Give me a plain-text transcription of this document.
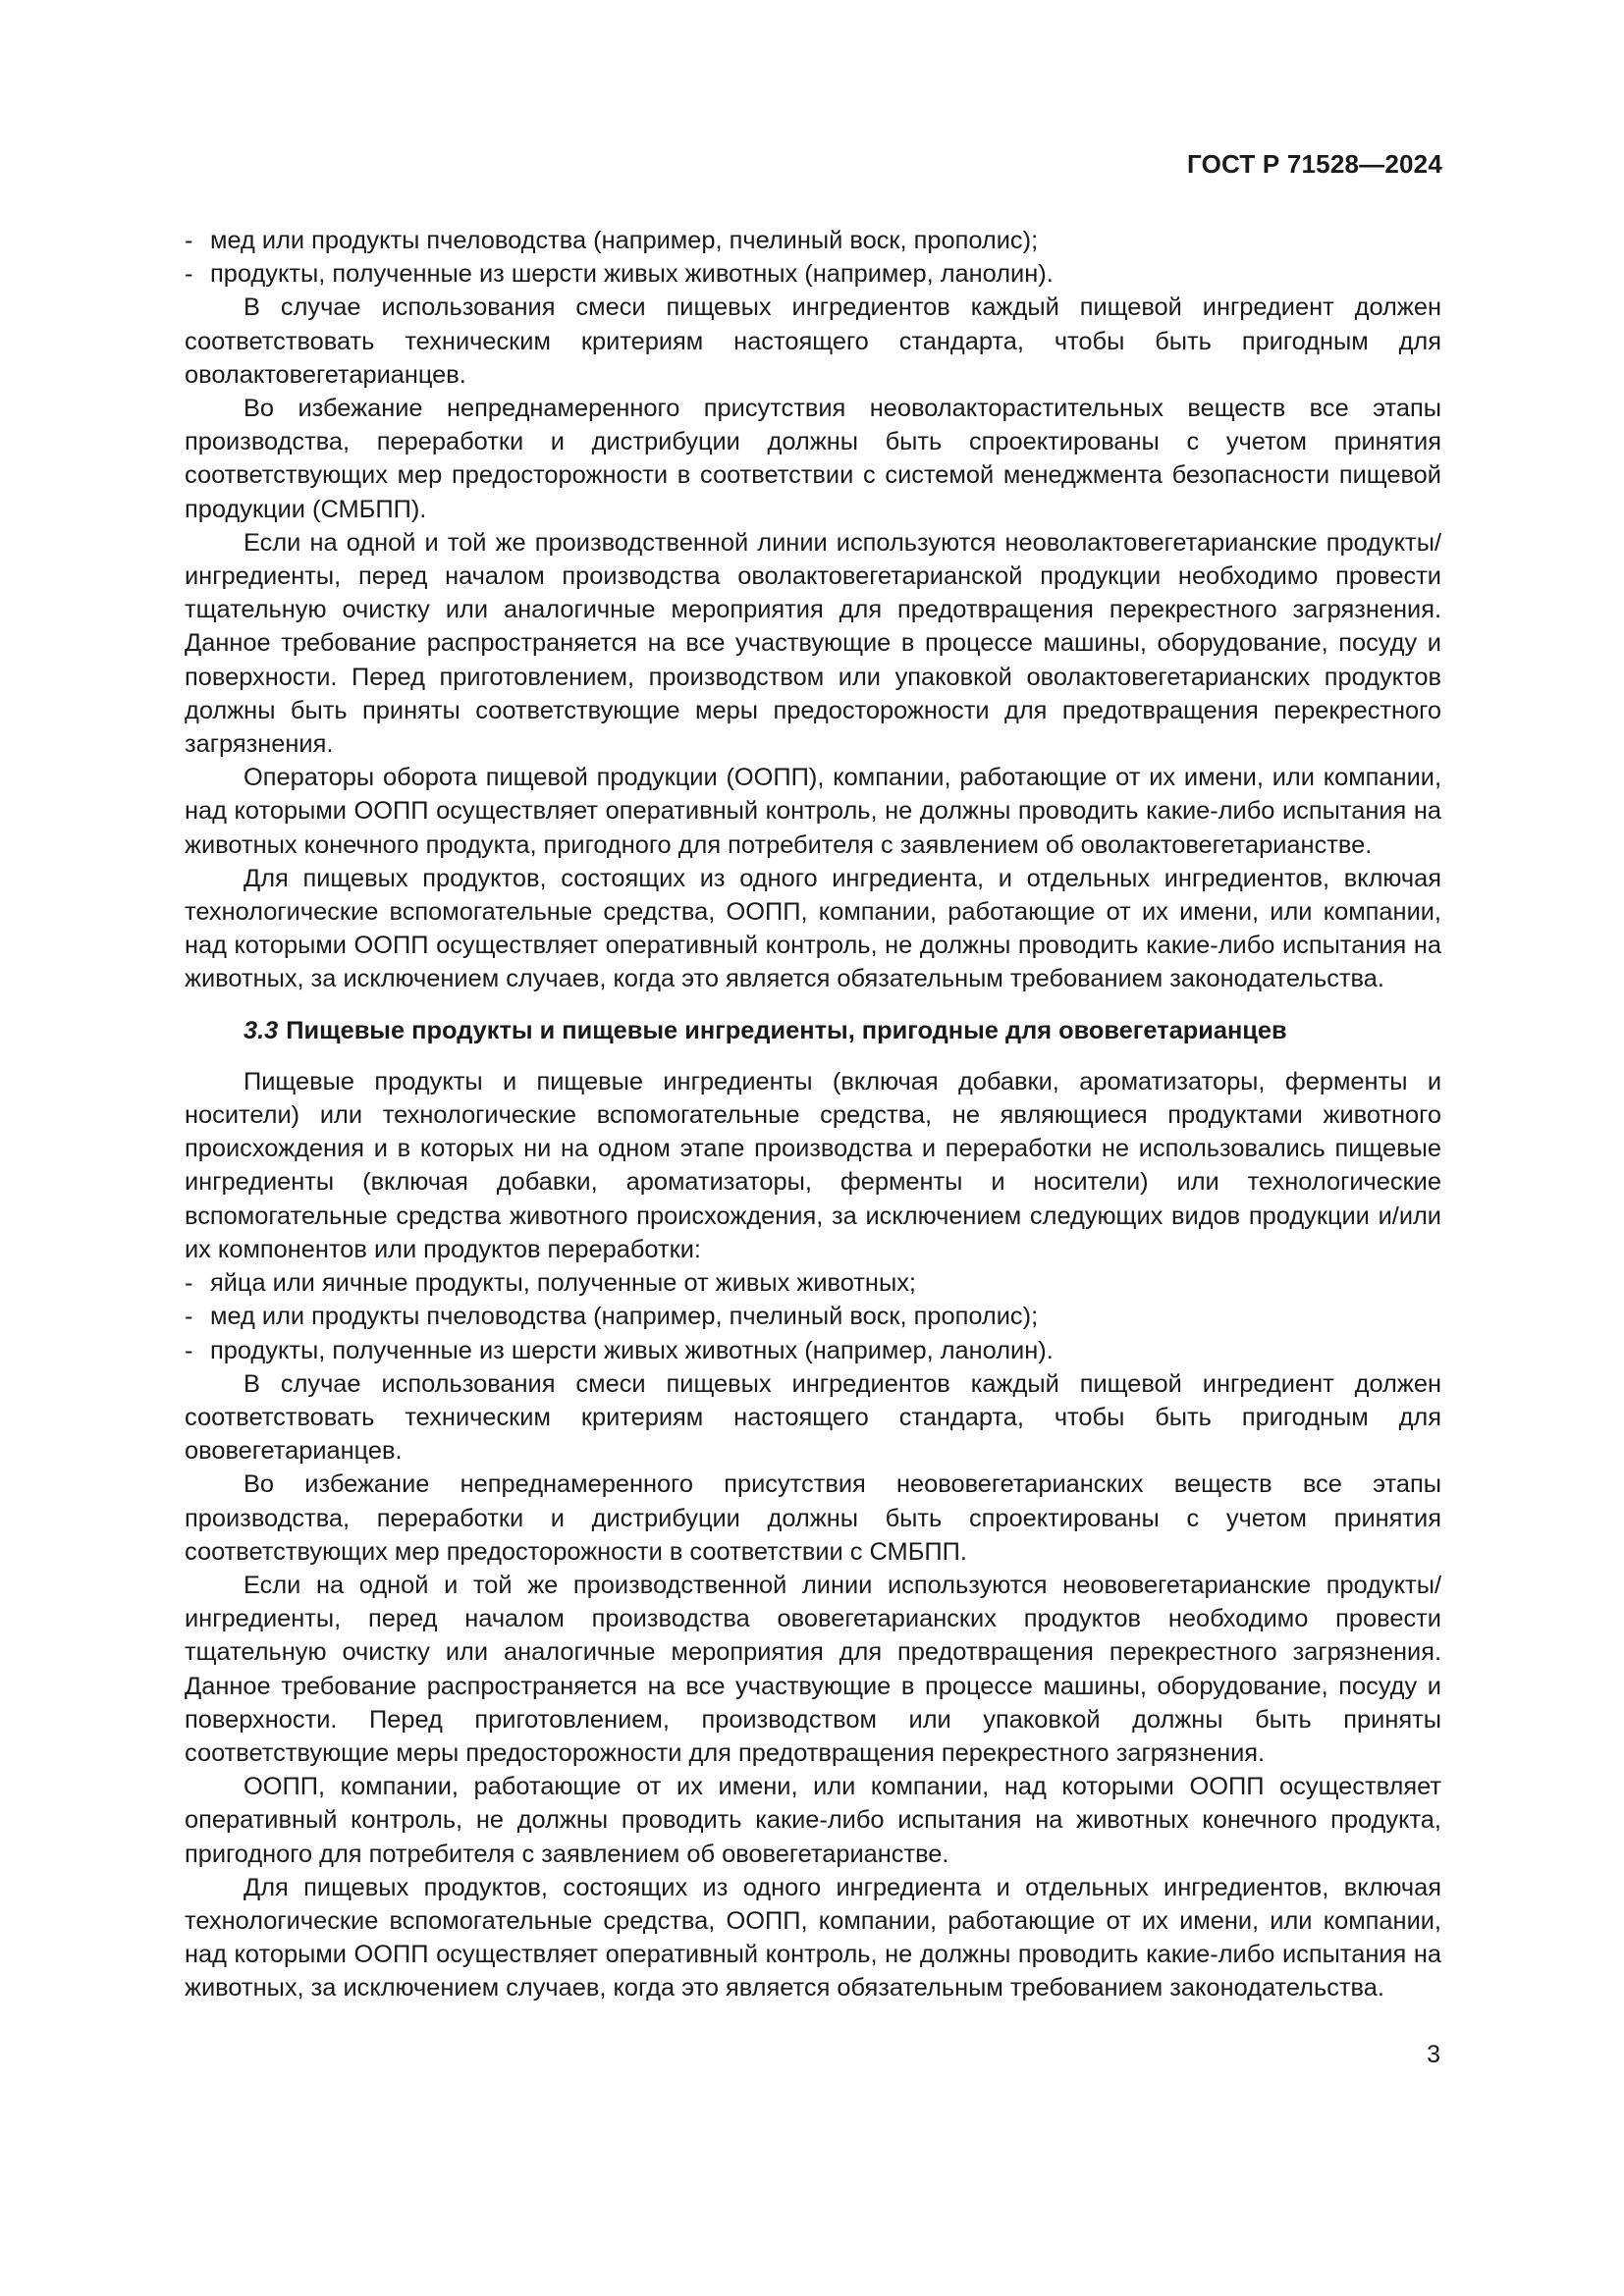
ГОСТ Р 71528—2024

- мед или продукты пчеловодства (например, пчелиный воск, прополис);

- продукты, полученные из шерсти живых животных (например, ланолин).

В случае использования смеси пищевых ингредиентов каждый пищевой ингредиент должен соответствовать техническим критериям настоящего стандарта, чтобы быть пригодным для оволактовегетарианцев.

Во избежание непреднамеренного присутствия неоволакторастительных веществ все этапы производства, переработки и дистрибуции должны быть спроектированы с учетом принятия соответствующих мер предосторожности в соответствии с системой менеджмента безопасности пищевой продукции (СМБПП).

Если на одной и той же производственной линии используются неоволактовегетарианские продукты/ингредиенты, перед началом производства оволактовегетарианской продукции необходимо провести тщательную очистку или аналогичные мероприятия для предотвращения перекрестного загрязнения. Данное требование распространяется на все участвующие в процессе машины, оборудование, посуду и поверхности. Перед приготовлением, производством или упаковкой оволактовегетарианских продуктов должны быть приняты соответствующие меры предосторожности для предотвращения перекрестного загрязнения.

Операторы оборота пищевой продукции (ООПП), компании, работающие от их имени, или компании, над которыми ООПП осуществляет оперативный контроль, не должны проводить какие-либо испытания на животных конечного продукта, пригодного для потребителя с заявлением об оволактовегетарианстве.

Для пищевых продуктов, состоящих из одного ингредиента, и отдельных ингредиентов, включая технологические вспомогательные средства, ООПП, компании, работающие от их имени, или компании, над которыми ООПП осуществляет оперативный контроль, не должны проводить какие-либо испытания на животных, за исключением случаев, когда это является обязательным требованием законодательства.

3.3 Пищевые продукты и пищевые ингредиенты, пригодные для ововегетарианцев

Пищевые продукты и пищевые ингредиенты (включая добавки, ароматизаторы, ферменты и носители) или технологические вспомогательные средства, не являющиеся продуктами животного происхождения и в которых ни на одном этапе производства и переработки не использовались пищевые ингредиенты (включая добавки, ароматизаторы, ферменты и носители) или технологические вспомогательные средства животного происхождения, за исключением следующих видов продукции и/или их компонентов или продуктов переработки:

- яйца или яичные продукты, полученные от живых животных;

- мед или продукты пчеловодства (например, пчелиный воск, прополис);

- продукты, полученные из шерсти живых животных (например, ланолин).

В случае использования смеси пищевых ингредиентов каждый пищевой ингредиент должен соответствовать техническим критериям настоящего стандарта, чтобы быть пригодным для ововегетарианцев.

Во избежание непреднамеренного присутствия неововегетарианских веществ все этапы производства, переработки и дистрибуции должны быть спроектированы с учетом принятия соответствующих мер предосторожности в соответствии с СМБПП.

Если на одной и той же производственной линии используются неововегетарианские продукты/ингредиенты, перед началом производства ововегетарианских продуктов необходимо провести тщательную очистку или аналогичные мероприятия для предотвращения перекрестного загрязнения. Данное требование распространяется на все участвующие в процессе машины, оборудование, посуду и поверхности. Перед приготовлением, производством или упаковкой должны быть приняты соответствующие меры предосторожности для предотвращения перекрестного загрязнения.

ООПП, компании, работающие от их имени, или компании, над которыми ООПП осуществляет оперативный контроль, не должны проводить какие-либо испытания на животных конечного продукта, пригодного для потребителя с заявлением об ововегетарианстве.

Для пищевых продуктов, состоящих из одного ингредиента и отдельных ингредиентов, включая технологические вспомогательные средства, ООПП, компании, работающие от их имени, или компании, над которыми ООПП осуществляет оперативный контроль, не должны проводить какие-либо испытания на животных, за исключением случаев, когда это является обязательным требованием законодательства.

3
